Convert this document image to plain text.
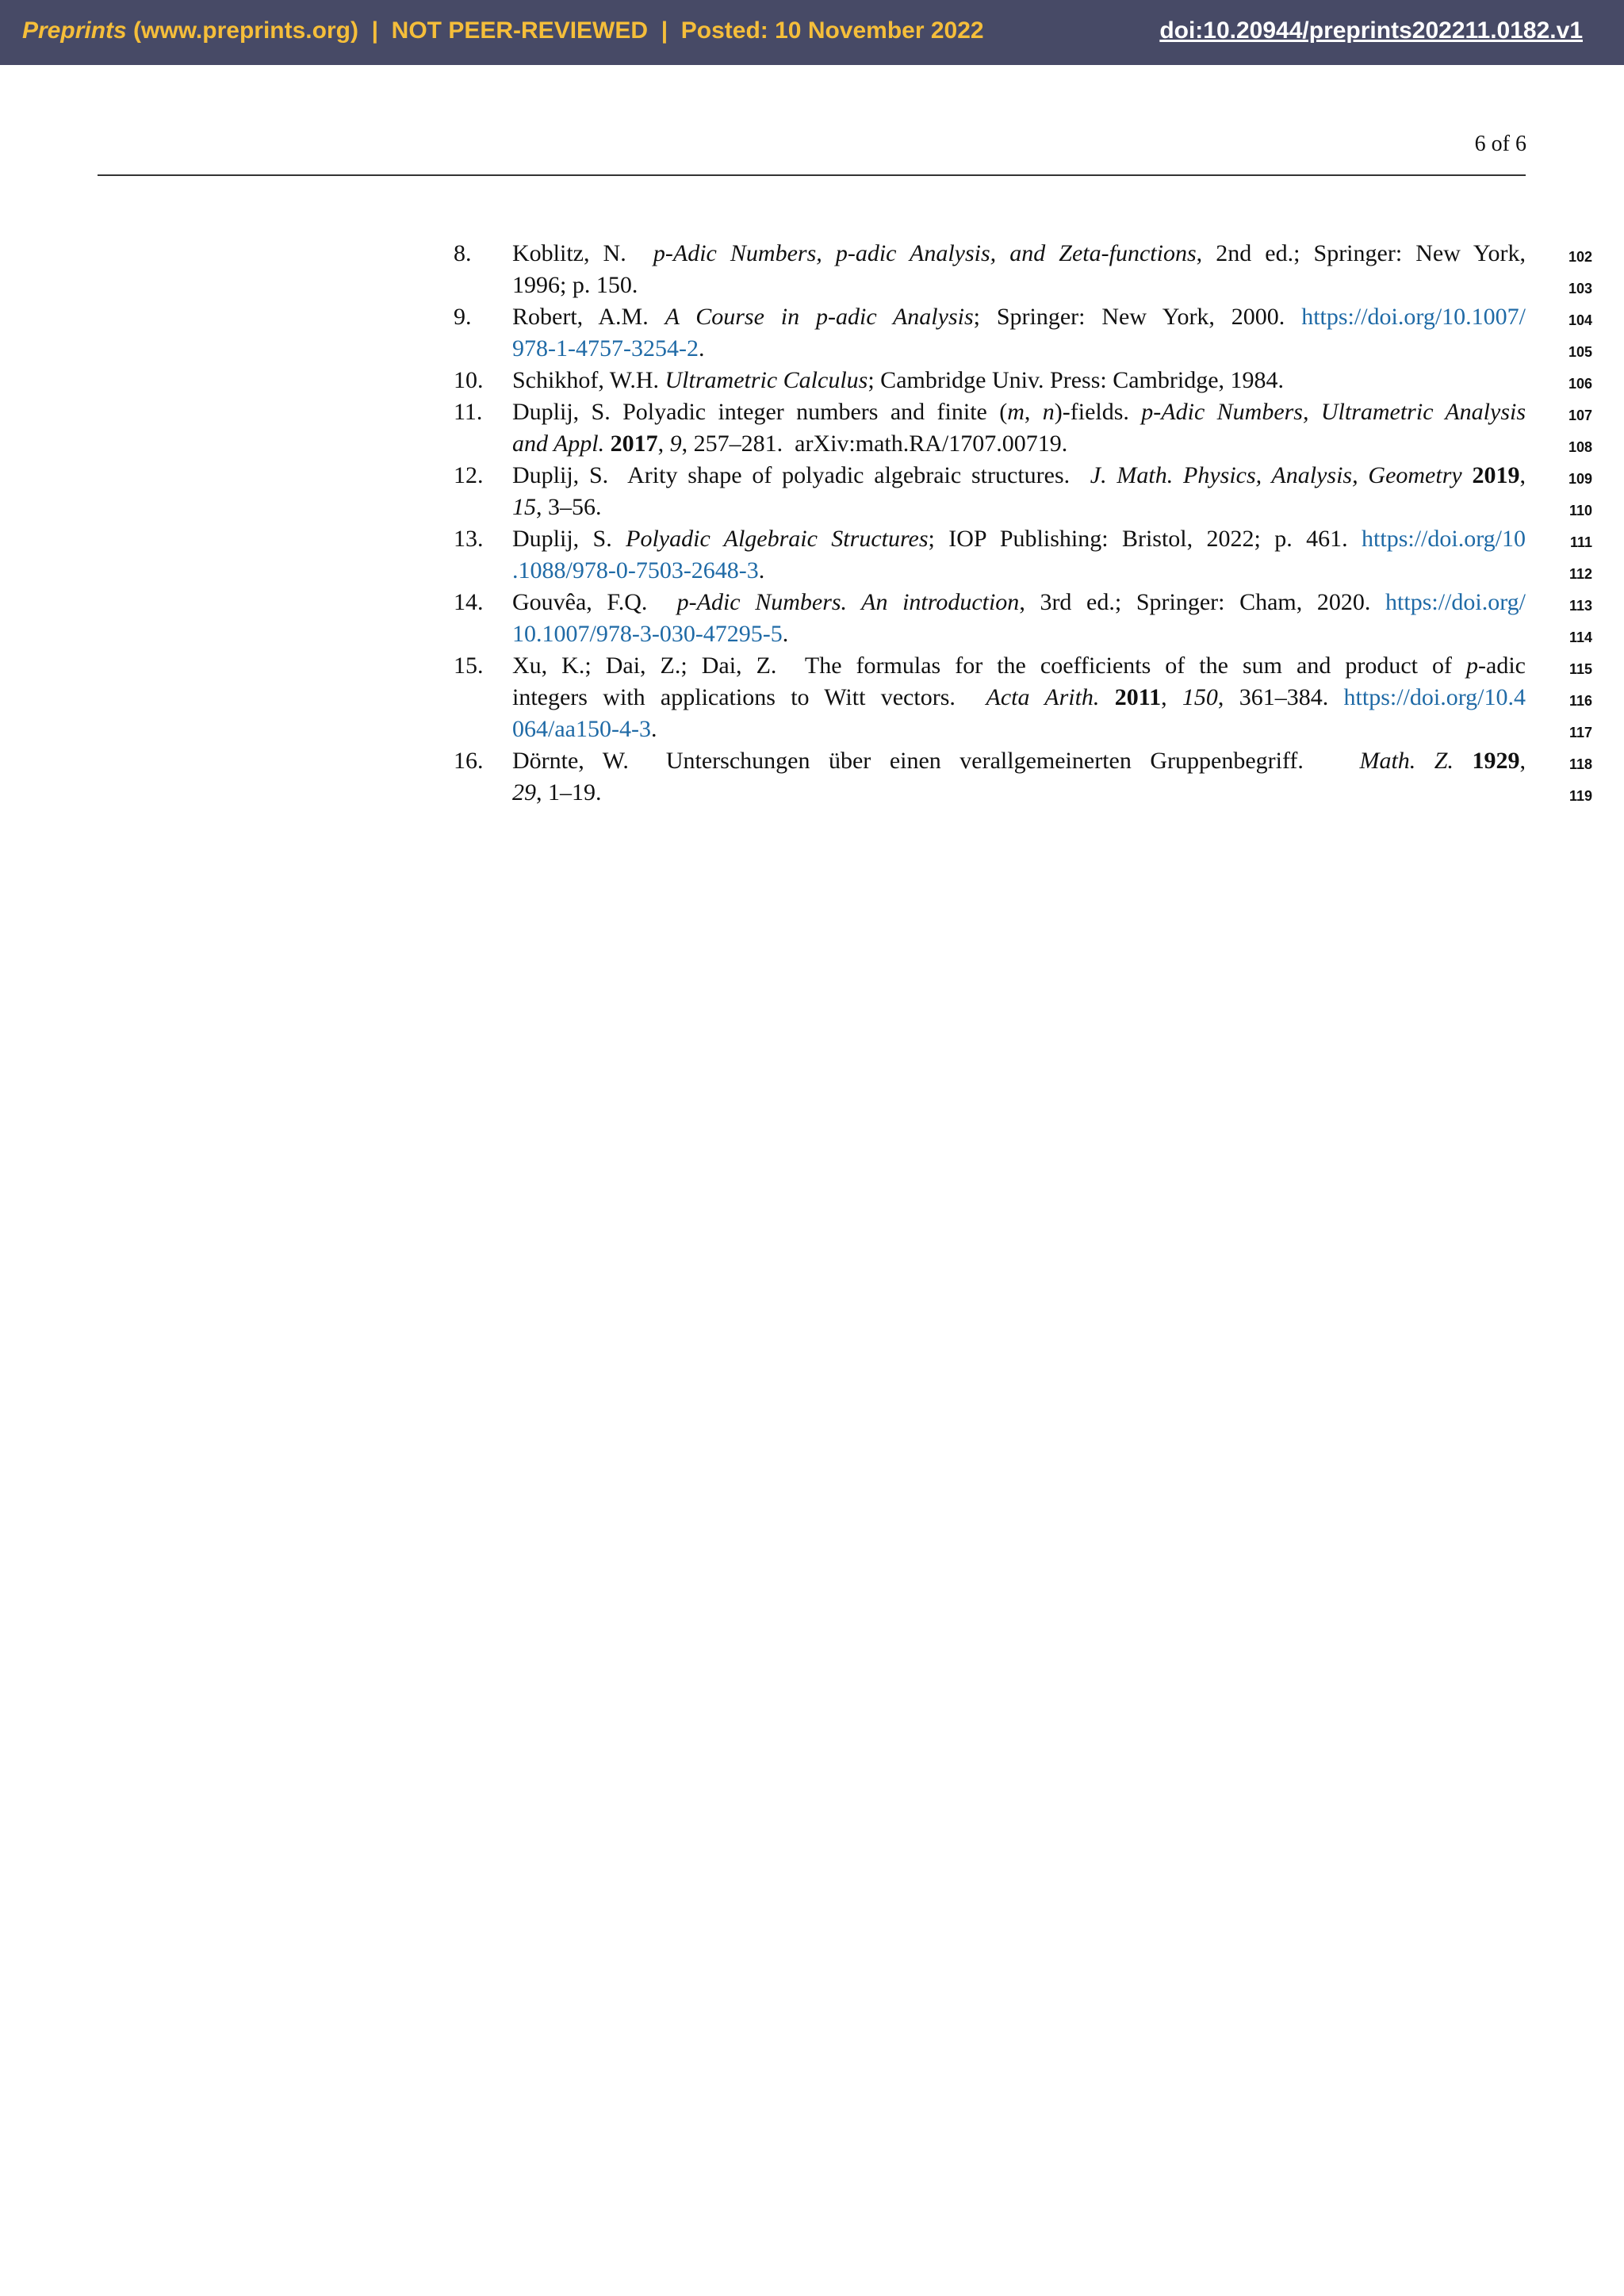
Preprints (www.preprints.org)  |  NOT PEER-REVIEWED  |  Posted: 10 November 2022	doi:10.20944/preprints202211.0182.v1
6 of 6
8.	Koblitz, N.  p-Adic Numbers, p-adic Analysis, and Zeta-functions, 2nd ed.; Springer: New York,	102
1996; p. 150.	103
9.	Robert, A.M. A Course in p-adic Analysis; Springer: New York, 2000. https://doi.org/10.1007/	104
978-1-4757-3254-2.	105
10.	Schikhof, W.H. Ultrametric Calculus; Cambridge Univ. Press: Cambridge, 1984.	106
11.	Duplij, S. Polyadic integer numbers and finite (m, n)-fields. p-Adic Numbers, Ultrametric Analysis	107
and Appl. 2017, 9, 257–281.  arXiv:math.RA/1707.00719.	108
12.	Duplij, S.  Arity shape of polyadic algebraic structures.  J. Math. Physics, Analysis, Geometry 2019,	109
15, 3–56.	110
13.	Duplij, S. Polyadic Algebraic Structures; IOP Publishing: Bristol, 2022; p. 461. https://doi.org/10	111
.1088/978-0-7503-2648-3.	112
14.	Gouvêa, F.Q.  p-Adic Numbers. An introduction, 3rd ed.; Springer: Cham, 2020. https://doi.org/	113
10.1007/978-3-030-47295-5.	114
15.	Xu, K.; Dai, Z.; Dai, Z.  The formulas for the coefficients of the sum and product of p-adic	115
integers with applications to Witt vectors.  Acta Arith. 2011, 150, 361–384. https://doi.org/10.4	116
064/aa150-4-3.	117
16.	Dörnte, W.  Unterschungen über einen verallgemeinerten Gruppenbegriff.   Math. Z. 1929,	118
29, 1–19.	119
